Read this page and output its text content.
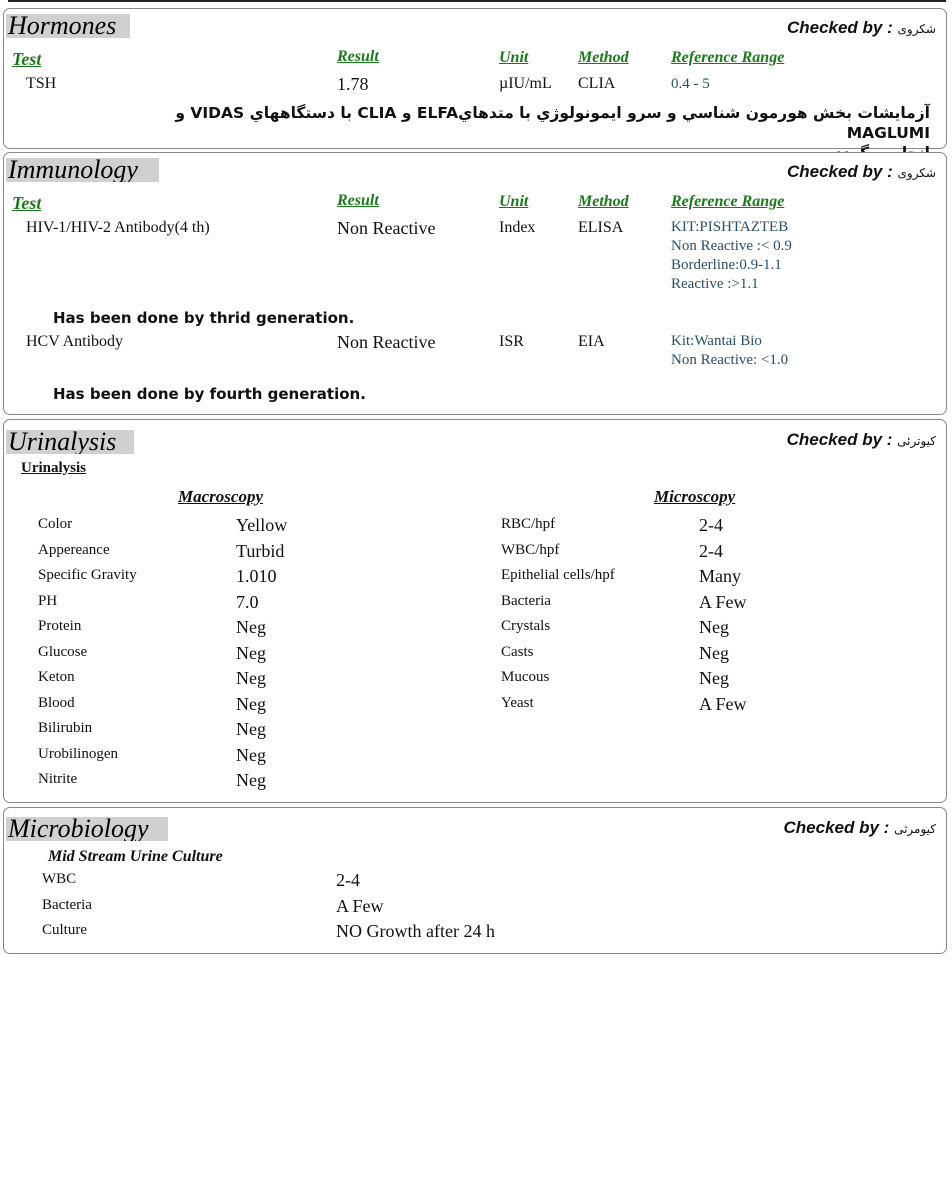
Hormones	Checked by : شکروی
Test	Result	Unit	Method	Reference Range
TSH	1.78	µIU/mL CLIA	0.4 - 5
آزمايشات بخش هورمون شناسي و سرو ايمونولوژي با متدهايELFA و CLIA با دستگاههاي VIDAS و MAGLUMI
Immunology	Checked by : شکروی
Test	Result	Unit	Method	Reference Range
HIV-1/HIV-2 Antibody(4 th)	Non Reactive	Index	ELISA	KIT:PISHTAZTEB
Non Reactive :< 0.9
Borderline:0.9-1.1
Reactive :>1.1
Has been done by thrid generation.
HCV Antibody	Non Reactive	ISR	EIA	Kit:Wantai Bio
Non Reactive: <1.0
Has been done by fourth generation.
Urinalysis	Checked by : کیوترئی
Urinalysis
Macroscopy	Microscopy
Color	Yellow
Appereance	Turbid
Specific Gravity	1.010
PH	7.0
Protein	Neg
Glucose	Neg
Keton	Neg
Blood	Neg
Bilirubin	Neg
Urobilinogen	Neg
Nitrite	Neg
RBC/hpf	2-4
WBC/hpf	2-4
Epithelial cells/hpf	Many
Bacteria	A Few
Crystals	Neg
Casts	Neg
Mucous	Neg
Yeast	A Few
Microbiology	Checked by : کیومرثی
Mid Stream Urine Culture
WBC	2-4
Bacteria	A Few
Culture	NO Growth after 24 h
